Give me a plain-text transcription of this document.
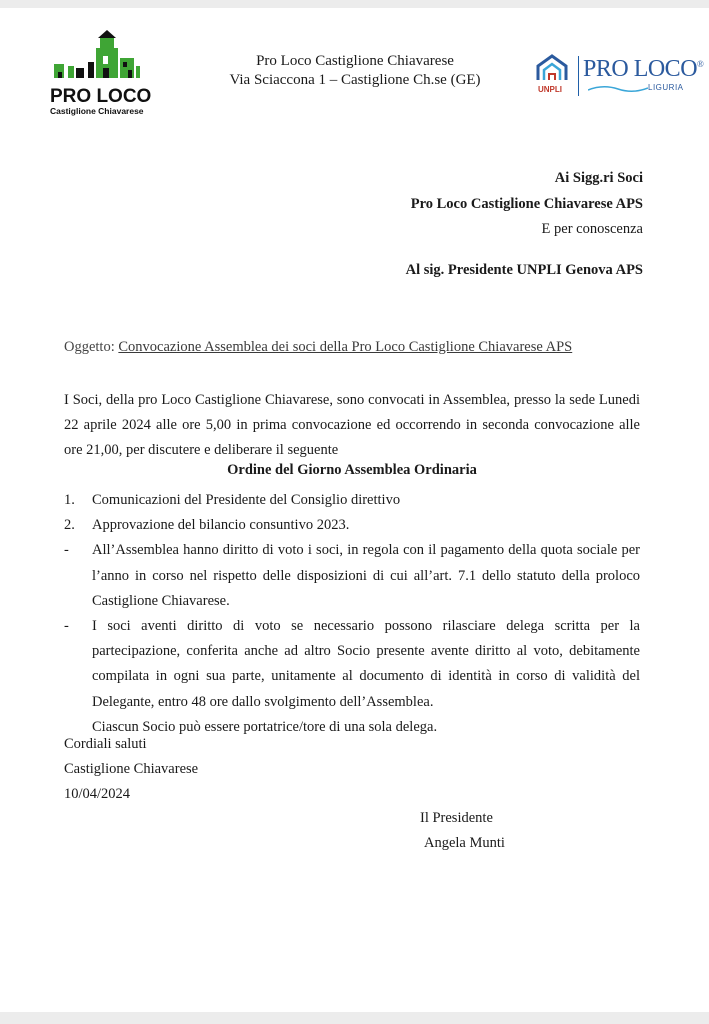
PRO LOCO
Castiglione Chiavarese
Pro Loco Castiglione Chiavarese
Via Sciaccona 1 – Castiglione Ch.se (GE)
UNPLI
PRO LOCO®
LIGURIA
Ai Sigg.ri Soci
Pro Loco Castiglione Chiavarese APS
E per conoscenza
Al sig. Presidente UNPLI Genova APS
Oggetto: Convocazione Assemblea dei soci della Pro Loco Castiglione Chiavarese APS
I Soci, della pro Loco Castiglione Chiavarese, sono convocati in Assemblea, presso la sede Lunedi 22 aprile 2024 alle ore 5,00 in prima convocazione ed occorrendo in seconda convocazione alle ore 21,00, per discutere e deliberare il seguente
Ordine del Giorno Assemblea Ordinaria
1.	Comunicazioni del Presidente del Consiglio direttivo
2.	Approvazione del bilancio consuntivo 2023.
-	All’Assemblea hanno diritto di voto i soci, in regola con il pagamento della quota sociale per l’anno in corso nel rispetto delle disposizioni di cui all’art. 7.1 dello statuto della proloco Castiglione Chiavarese.
-	I soci aventi diritto di voto se necessario possono rilasciare delega scritta per la partecipazione, conferita anche ad altro Socio presente avente diritto al voto, debitamente compilata in ogni sua parte, unitamente al documento di identità in corso di validità del Delegante, entro 48 ore dallo svolgimento dell’Assemblea.
Ciascun Socio può essere portatrice/tore di una sola delega.
Cordiali saluti
Castiglione Chiavarese
10/04/2024
Il Presidente
Angela Munti
